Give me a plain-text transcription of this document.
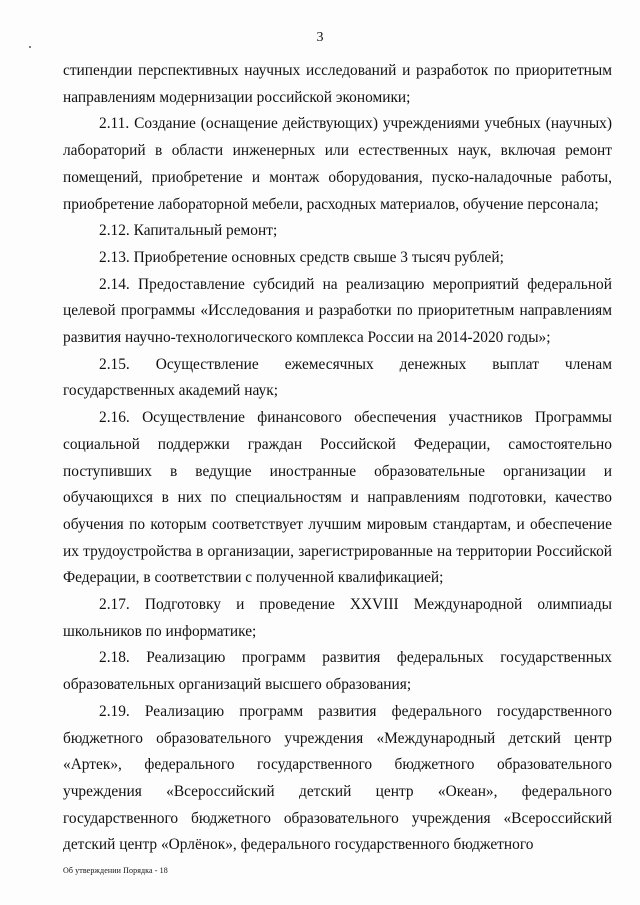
3

стипендии перспективных научных исследований и разработок по приоритетным направлениям модернизации российской экономики;

2.11. Создание (оснащение действующих) учреждениями учебных (научных) лабораторий в области инженерных или естественных наук, включая ремонт помещений, приобретение и монтаж оборудования, пуско-наладочные работы, приобретение лабораторной мебели, расходных материалов, обучение персонала;

2.12. Капитальный ремонт;

2.13. Приобретение основных средств свыше 3 тысяч рублей;

2.14. Предоставление субсидий на реализацию мероприятий федеральной целевой программы «Исследования и разработки по приоритетным направлениям развития научно-технологического комплекса России на 2014-2020 годы»;

2.15. Осуществление ежемесячных денежных выплат членам государственных академий наук;

2.16. Осуществление финансового обеспечения участников Программы социальной поддержки граждан Российской Федерации, самостоятельно поступивших в ведущие иностранные образовательные организации и обучающихся в них по специальностям и направлениям подготовки, качество обучения по которым соответствует лучшим мировым стандартам, и обеспечение их трудоустройства в организации, зарегистрированные на территории Российской Федерации, в соответствии с полученной квалификацией;

2.17. Подготовку и проведение XXVIII Международной олимпиады школьников по информатике;

2.18. Реализацию программ развития федеральных государственных образовательных организаций высшего образования;

2.19. Реализацию программ развития федерального государственного бюджетного образовательного учреждения «Международный детский центр «Артек», федерального государственного бюджетного образовательного учреждения «Всероссийский детский центр «Океан», федерального государственного бюджетного образовательного учреждения «Всероссийский детский центр «Орлёнок», федерального государственного бюджетного

Об утверждении Порядка - 18
